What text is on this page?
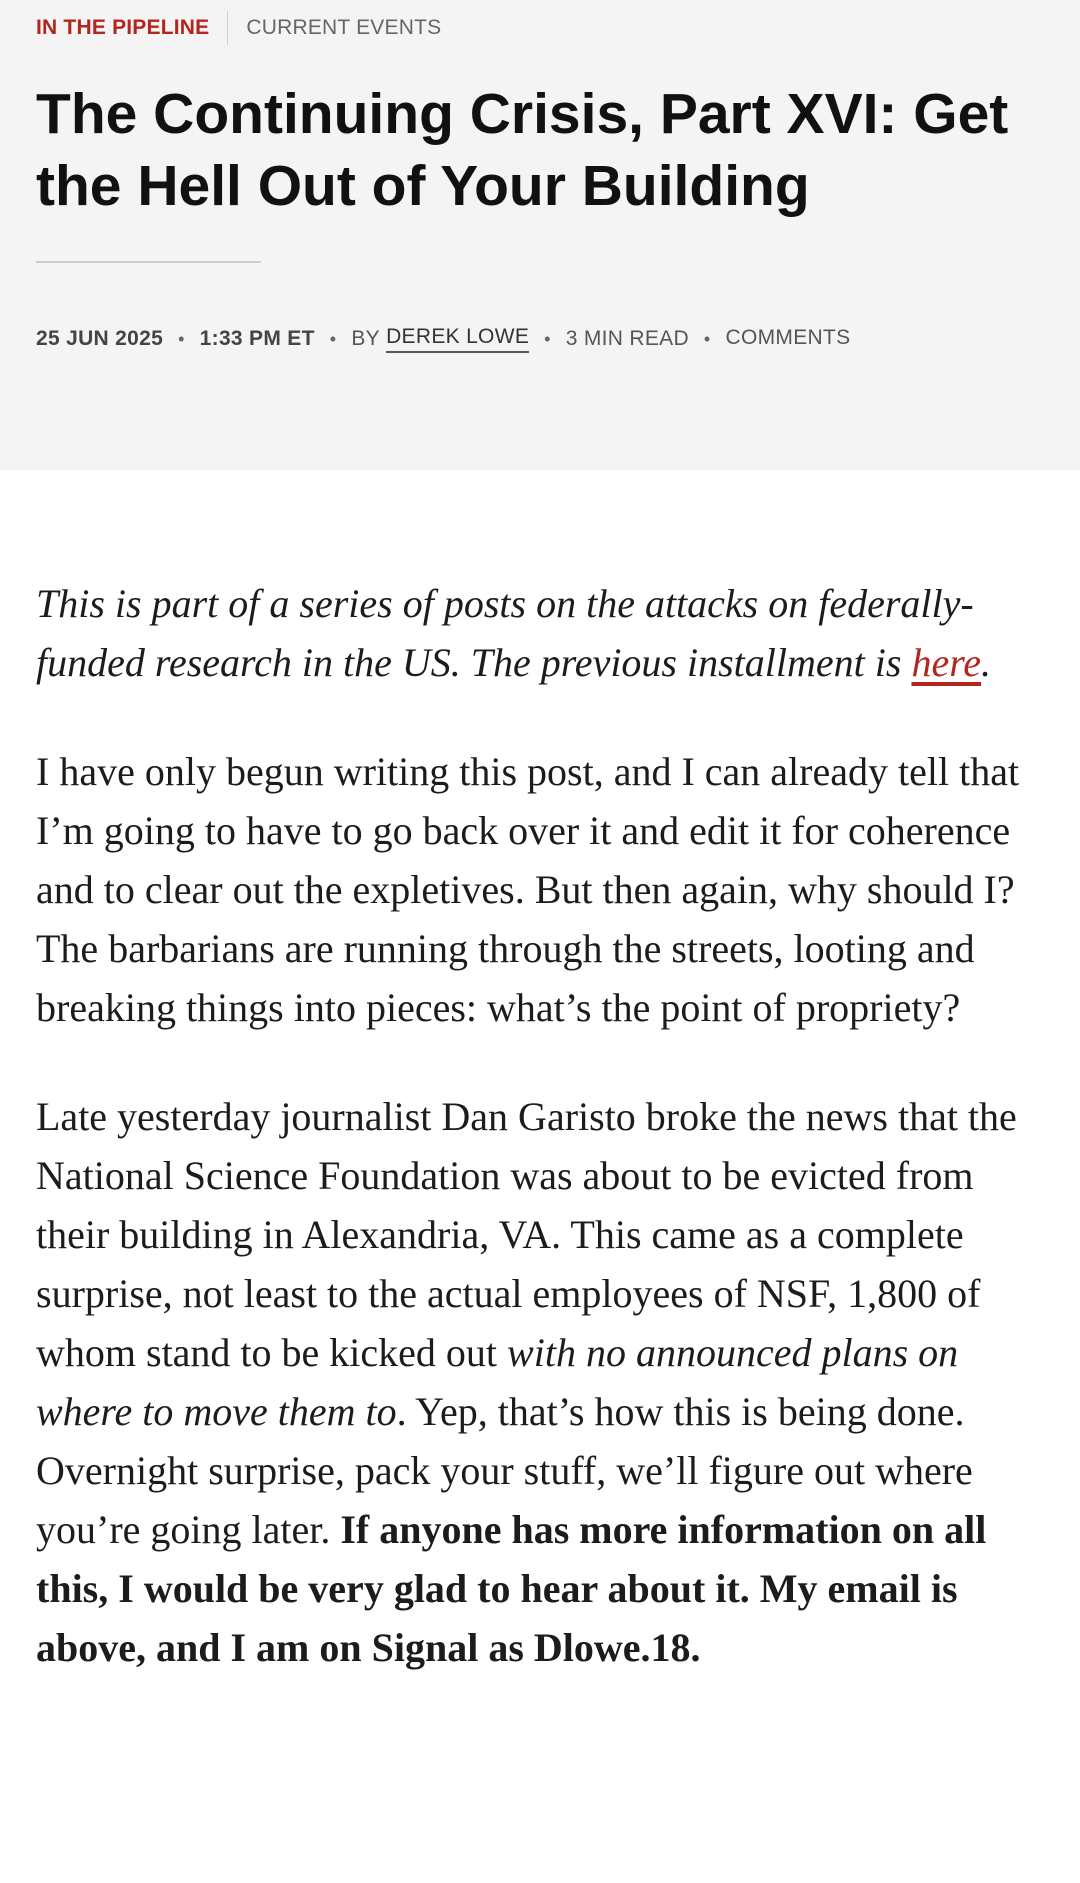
IN THE PIPELINE CURRENT EVENTS
The Continuing Crisis, Part XVI: Get the Hell Out of Your Building
25 JUN 2025 • 1:33 PM ET • BY
DEREK LOWE • 3 MIN READ • COMMENTS

This is part of a series of posts on the attacks on federally-funded research in the US. The previous installment is here.

I have only begun writing this post, and I can already tell that I’m going to have to go back over it and edit it for coherence and to clear out the expletives. But then again, why should I? The barbarians are running through the streets, looting and breaking things into pieces: what’s the point of propriety?

Late yesterday journalist Dan Garisto broke the news that the National Science Foundation was about to be evicted from their building in Alexandria, VA. This came as a complete surprise, not least to the actual employees of NSF, 1,800 of whom stand to be kicked out with no announced plans on where to move them to. Yep, that’s how this is being done. Overnight surprise, pack your stuff, we’ll figure out where you’re going later. If anyone has more information on all this, I would be very glad to hear about it. My email is above, and I am on Signal as Dlowe.18.
